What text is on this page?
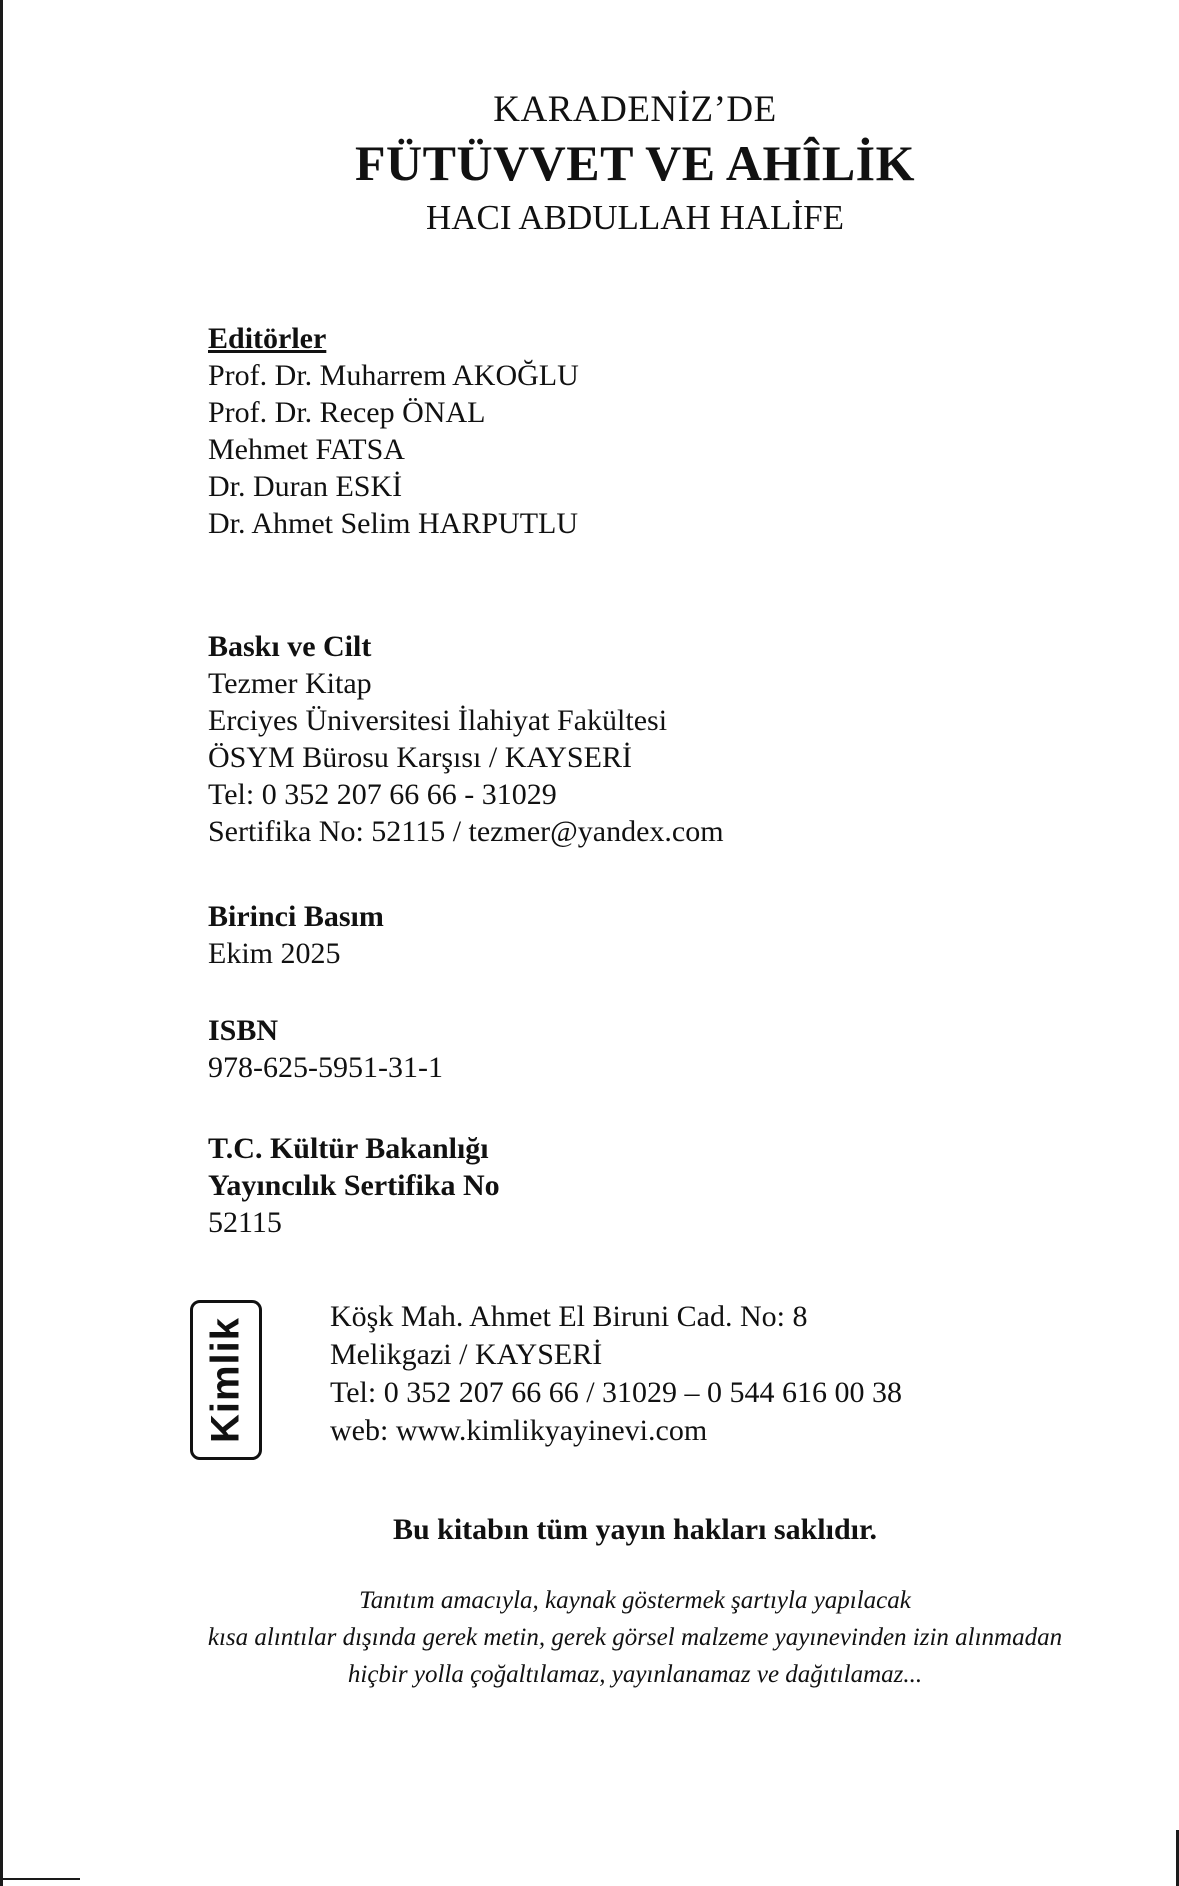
KARADENİZ’DE
FÜTÜVVET VE AHÎLİK
HACI ABDULLAH HALİFE
Editörler
Prof. Dr. Muharrem AKOĞLU
Prof. Dr. Recep ÖNAL
Mehmet FATSA
Dr. Duran ESKİ
Dr. Ahmet Selim HARPUTLU
Baskı ve Cilt
Tezmer Kitap
Erciyes Üniversitesi İlahiyat Fakültesi
ÖSYM Bürosu Karşısı / KAYSERİ
Tel: 0 352 207 66 66 - 31029
Sertifika No: 52115 / tezmer@yandex.com
Birinci Basım
Ekim 2025
ISBN
978-625-5951-31-1
T.C. Kültür Bakanlığı
Yayıncılık Sertifika No
52115
Kimlik
Köşk Mah. Ahmet El Biruni Cad. No: 8
Melikgazi / KAYSERİ
Tel: 0 352 207 66 66 / 31029 – 0 544 616 00 38
web: www.kimlikyayinevi.com
Bu kitabın tüm yayın hakları saklıdır.
Tanıtım amacıyla, kaynak göstermek şartıyla yapılacak
kısa alıntılar dışında gerek metin, gerek görsel malzeme yayınevinden izin alınmadan
hiçbir yolla çoğaltılamaz, yayınlanamaz ve dağıtılamaz...
